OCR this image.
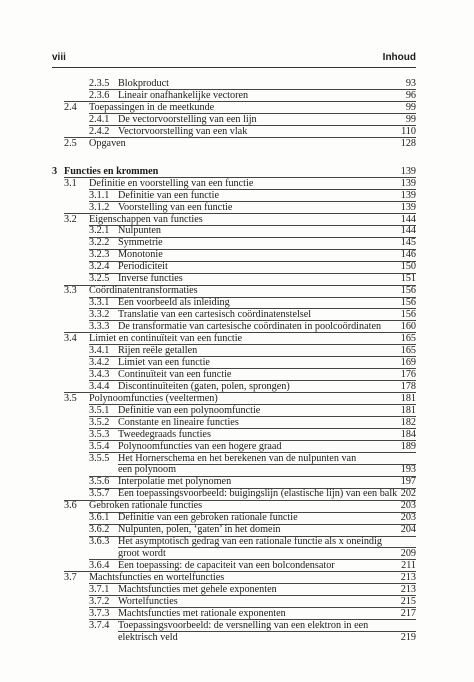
viii	Inhoud
2.3.5 Blokproduct	93
2.3.6 Lineair onafhankelijke vectoren	96
2.4 Toepassingen in de meetkunde	99
2.4.1 De vectorvoorstelling van een lijn	99
2.4.2 Vectorvoorstelling van een vlak	110
2.5 Opgaven	128
3 Functies en krommen	139
3.1 Definitie en voorstelling van een functie	139
3.1.1 Definitie van een functie	139
3.1.2 Voorstelling van een functie	139
3.2 Eigenschappen van functies	144
3.2.1 Nulpunten	144
3.2.2 Symmetrie	145
3.2.3 Monotonie	146
3.2.4 Periodiciteit	150
3.2.5 Inverse functies	151
3.3 Coördinatentransformaties	156
3.3.1 Een voorbeeld als inleiding	156
3.3.2 Translatie van een cartesisch coördinatenstelsel	156
3.3.3 De transformatie van cartesische coördinaten in poolcoördinaten 160
3.4 Limiet en continuïteit van een functie	165
3.4.1 Rijen reële getallen	165
3.4.2 Limiet van een functie	169
3.4.3 Continuïteit van een functie	176
3.4.4 Discontinuïteiten (gaten, polen, sprongen)	178
3.5 Polynoomfuncties (veeltermen)	181
3.5.1 Definitie van een polynoomfunctie	181
3.5.2 Constante en lineaire functies	182
3.5.3 Tweedegraads functies	184
3.5.4 Polynoomfuncties van een hogere graad	189
3.5.5 Het Hornerschema en het berekenen van de nulpunten van
een polynoom	193
3.5.6 Interpolatie met polynomen	197
3.5.7 Een toepassingsvoorbeeld: buigingslijn (elastische lijn) van een balk 202
3.6 Gebroken rationale functies	203
3.6.1 Definitie van een gebroken rationale functie	203
3.6.2 Nulpunten, polen, ‘gaten’ in het domein	204
3.6.3 Het asymptotisch gedrag van een rationale functie als x oneindig
groot wordt	209
3.6.4 Een toepassing: de capaciteit van een bolcondensator	211
3.7 Machtsfuncties en wortelfuncties	213
3.7.1 Machtsfuncties met gehele exponenten	213
3.7.2 Wortelfuncties	215
3.7.3 Machtsfuncties met rationale exponenten	217
3.7.4 Toepassingsvoorbeeld: de versnelling van een elektron in een
elektrisch veld	219
